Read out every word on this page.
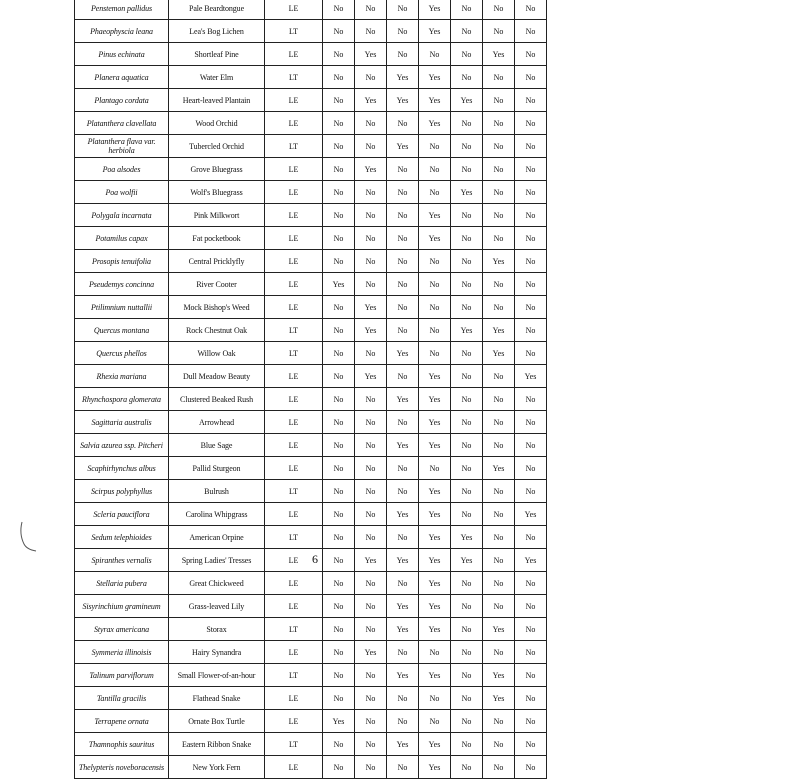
Penstemon pallidus	Pale Beardtongue	LE	No	No	No	Yes	No	No	No
Phaeophyscia leana	Lea's Bog Lichen	LT	No	No	No	Yes	No	No	No
Pinus echinata	Shortleaf Pine	LE	No	Yes	No	No	No	Yes	No
Planera aquatica	Water Elm	LT	No	No	Yes	Yes	No	No	No
Plantago cordata	Heart-leaved Plantain	LE	No	Yes	Yes	Yes	Yes	No	No
Platanthera clavellata	Wood Orchid	LE	No	No	No	Yes	No	No	No
Platanthera flava var. herbiola	Tubercled Orchid	LT	No	No	Yes	No	No	No	No
Poa alsodes	Grove Bluegrass	LE	No	Yes	No	No	No	No	No
Poa wolfii	Wolf's Bluegrass	LE	No	No	No	No	Yes	No	No
Polygala incarnata	Pink Milkwort	LE	No	No	No	Yes	No	No	No
Potamilus capax	Fat pocketbook	LE	No	No	No	Yes	No	No	No
Prosopis tenuifolia	Central Pricklyfly	LE	No	No	No	No	No	Yes	No
Pseudemys concinna	River Cooter	LE	Yes	No	No	No	No	No	No
Ptilimnium nuttallii	Mock Bishop's Weed	LE	No	Yes	No	No	No	No	No
Quercus montana	Rock Chestnut Oak	LT	No	Yes	No	No	Yes	Yes	No
Quercus phellos	Willow Oak	LT	No	No	Yes	No	No	Yes	No
Rhexia mariana	Dull Meadow Beauty	LE	No	Yes	No	Yes	No	No	Yes
Rhynchospora glomerata	Clustered Beaked Rush	LE	No	No	Yes	Yes	No	No	No
Sagittaria australis	Arrowhead	LE	No	No	No	Yes	No	No	No
Salvia azurea ssp. Pitcheri	Blue Sage	LE	No	No	Yes	Yes	No	No	No
Scaphirhynchus albus	Pallid Sturgeon	LE	No	No	No	No	No	Yes	No
Scirpus polyphyllus	Bulrush	LT	No	No	No	Yes	No	No	No
Scleria pauciflora	Carolina Whipgrass	LE	No	No	Yes	Yes	No	No	Yes
Sedum telephioides	American Orpine	LT	No	No	No	Yes	Yes	No	No
Spiranthes vernalis	Spring Ladies' Tresses	LE	No	Yes	Yes	Yes	Yes	No	Yes
Stellaria pubera	Great Chickweed	LE	No	No	No	Yes	No	No	No
Sisyrinchium gramineum	Grass-leaved Lily	LE	No	No	Yes	Yes	No	No	No
Styrax americana	Storax	LT	No	No	Yes	Yes	No	Yes	No
Symmeria illinoisis	Hairy Synandra	LE	No	Yes	No	No	No	No	No
Talinum parviflorum	Small Flower-of-an-hour	LT	No	No	Yes	Yes	No	Yes	No
Tantilla gracilis	Flathead Snake	LE	No	No	No	No	No	Yes	No
Terrapene ornata	Ornate Box Turtle	LE	Yes	No	No	No	No	No	No
Thamnophis sauritus	Eastern Ribbon Snake	LT	No	No	Yes	Yes	No	No	No
Thelypteris noveboracensis	New York Fern	LE	No	No	No	Yes	No	No	No
6
